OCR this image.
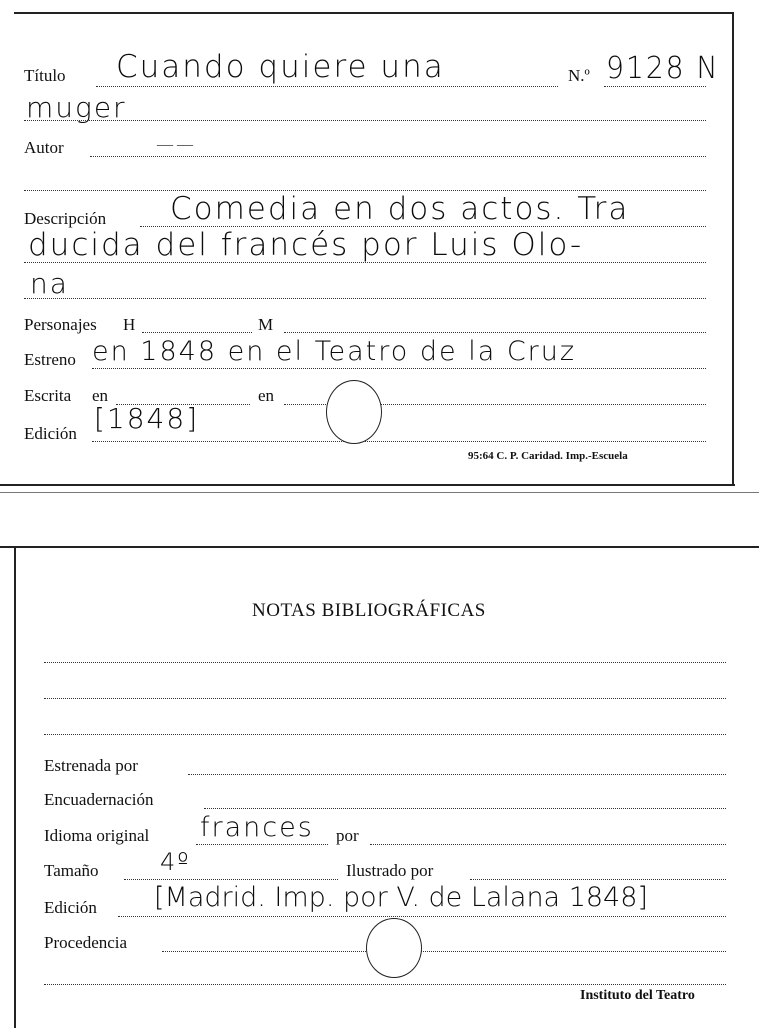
Título Cuando quiere una	N.º 9128 N
muger
Autor	——
Descripción Comedia en dos actos. Tra
ducida del francés por Luis Olo-
na
Personajes H	M
Estreno en 1848 en el Teatro de la Cruz
Escrita en	en
Edición [1848]
95:64 C. P. Caridad. Imp.-Escuela
NOTAS BIBLIOGRÁFICAS
Estrenada por
Encuadernación
Idioma original frances por
Tamaño	4º	Ilustrado por
Edición [Madrid. Imp. por V. de Lalana 1848]
Procedencia
Instituto del Teatro
